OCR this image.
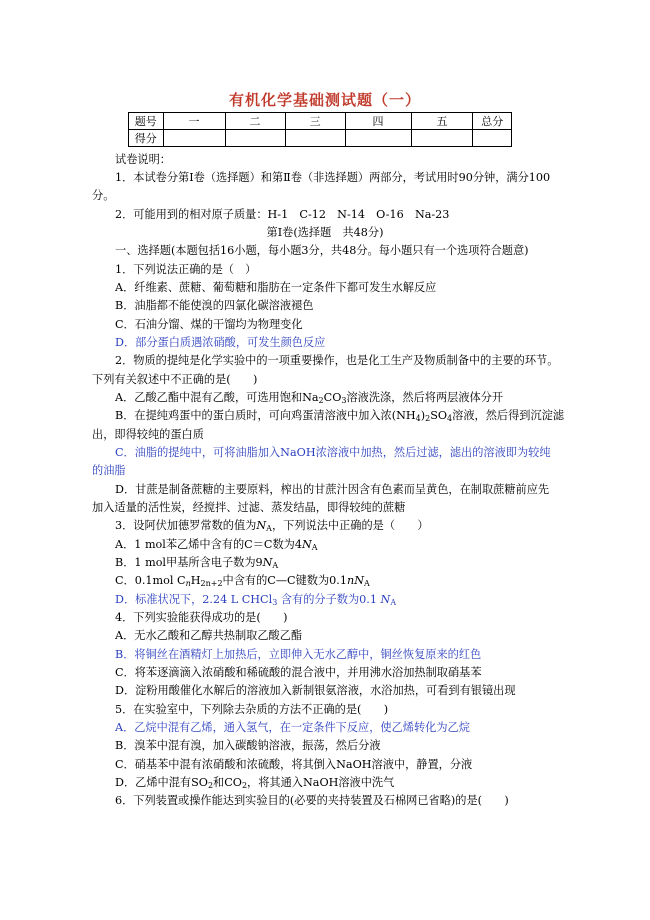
有机化学基础测试题（一）
题号	一	二	三	四	五	总分
得分						
试卷说明：
1．本试卷分第Ⅰ卷（选择题）和第Ⅱ卷（非选择题）两部分，考试用时90分钟，满分100
分。
2．可能用到的相对原子质量：H-1　C-12　N-14　O-16　Na-23
第Ⅰ卷(选择题　共48分)
一、选择题(本题包括16小题，每小题3分，共48分。每小题只有一个选项符合题意)
1．下列说法正确的是（　）
A．纤维素、蔗糖、葡萄糖和脂肪在一定条件下都可发生水解反应
B．油脂都不能使溴的四氯化碳溶液褪色
C．石油分馏、煤的干馏均为物理变化
D．部分蛋白质遇浓硝酸，可发生颜色反应
2．物质的提纯是化学实验中的一项重要操作，也是化工生产及物质制备中的主要的环节。
下列有关叙述中不正确的是(　　)
A．乙酸乙酯中混有乙酸，可选用饱和$Na_2CO_3$溶液洗涤，然后将两层液体分开
B．在提纯鸡蛋中的蛋白质时，可向鸡蛋清溶液中加入浓$(NH_4)_2SO_4$溶液，然后得到沉淀滤
出，即得较纯的蛋白质
C．油脂的提纯中，可将油脂加入NaOH浓溶液中加热，然后过滤，滤出的溶液即为较纯
的油脂
D．甘蔗是制备蔗糖的主要原料，榨出的甘蔗汁因含有色素而呈黄色，在制取蔗糖前应先
加入适量的活性炭，经搅拌、过滤、蒸发结晶，即得较纯的蔗糖
3．设阿伏加德罗常数的值为$N_A$，下列说法中正确的是（　　）
A．1 mol苯乙烯中含有的C＝C数为$4N_A$
B．1 mol甲基所含电子数为$9N_A$
C．0.1mol $C_nH_{2n+2}$中含有的C—C键数为$0.1nN_A$
D．标准状况下，2.24 L CHCl$_3$ 含有的分子数为0.1 $N_A$
4．下列实验能获得成功的是(　　)
A．无水乙酸和乙醇共热制取乙酸乙酯
B．将铜丝在酒精灯上加热后，立即伸入无水乙醇中，铜丝恢复原来的红色
C．将苯逐滴滴入浓硝酸和稀硫酸的混合液中，并用沸水浴加热制取硝基苯
D．淀粉用酸催化水解后的溶液加入新制银氨溶液，水浴加热，可看到有银镜出现
5．在实验室中，下列除去杂质的方法不正确的是(　　)
A．乙烷中混有乙烯，通入氢气，在一定条件下反应，使乙烯转化为乙烷
B．溴苯中混有溴，加入碳酸钠溶液，振荡，然后分液
C．硝基苯中混有浓硝酸和浓硫酸，将其倒入NaOH溶液中，静置，分液
D．乙烯中混有$SO_2$和$CO_2$，将其通入NaOH溶液中洗气
6．下列装置或操作能达到实验目的(必要的夹持装置及石棉网已省略)的是(　　)
